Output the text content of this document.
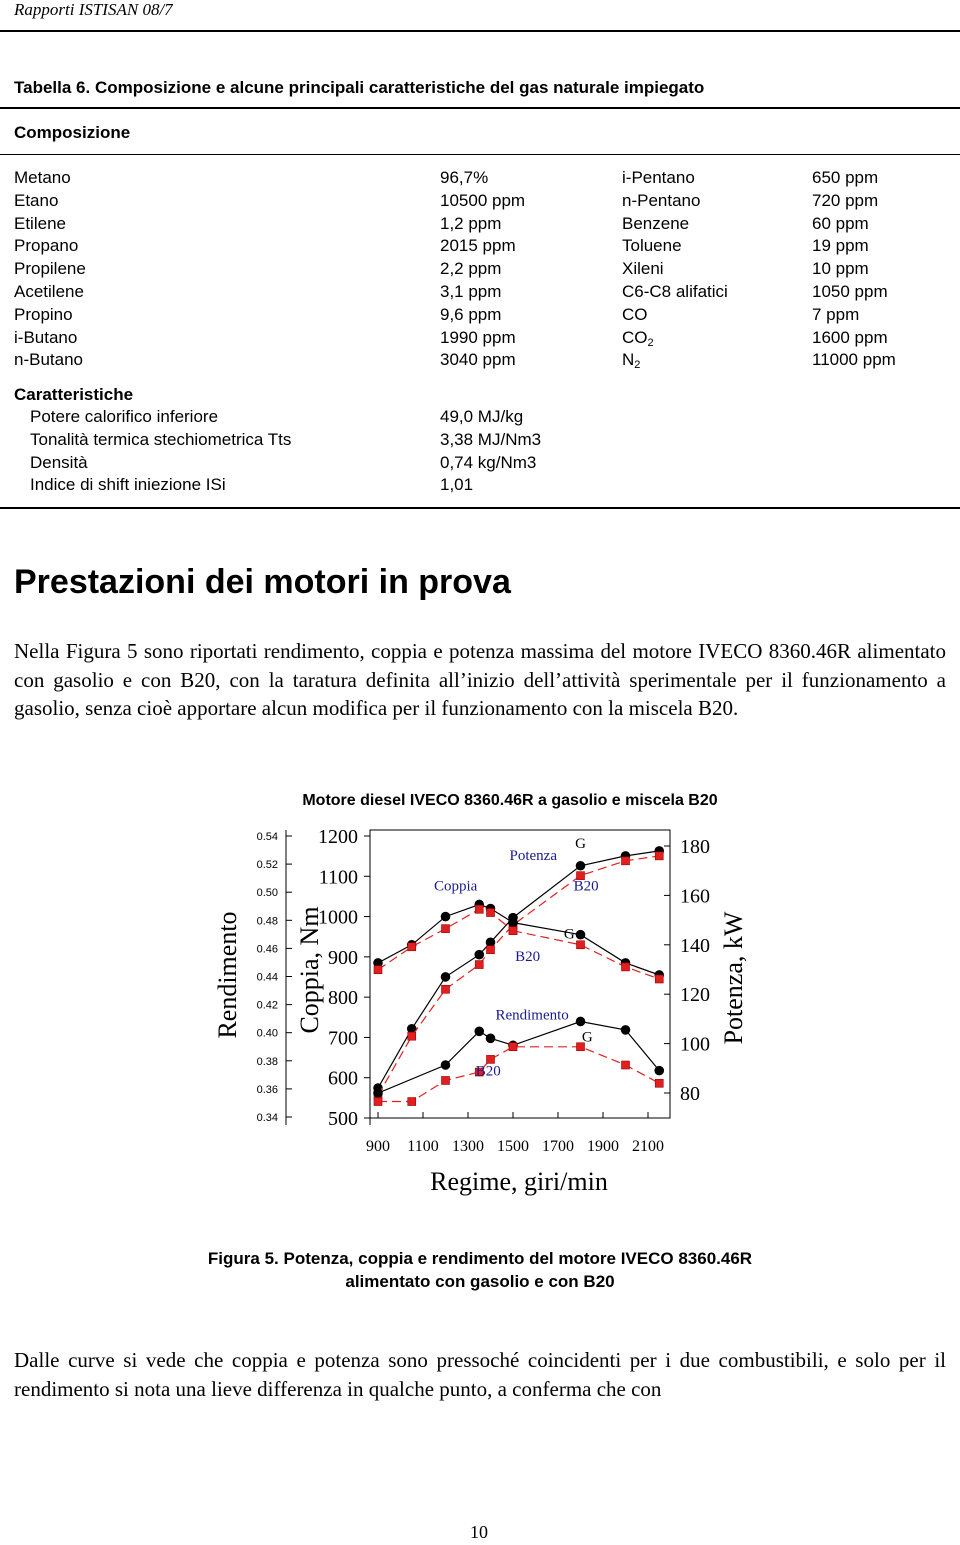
Rapporti ISTISAN 08/7
Tabella 6. Composizione e alcune principali caratteristiche del gas naturale impiegato
Composizione
Metano	96,7%	i-Pentano	650 ppm
Etano	10500 ppm	n-Pentano	720 ppm
Etilene	1,2 ppm	Benzene	60 ppm
Propano	2015 ppm	Toluene	19 ppm
Propilene	2,2 ppm	Xileni	10 ppm
Acetilene	3,1 ppm	C6-C8 alifatici	1050 ppm
Propino	9,6 ppm	CO	7 ppm
i-Butano	1990 ppm	$CO_2$	1600 ppm
n-Butano	3040 ppm	$N_2$	11000 ppm
Caratteristiche
Potere calorifico inferiore	49,0 MJ/kg
Tonalità termica stechiometrica Tts	3,38 MJ/Nm3
Densità	0,74 kg/Nm3
Indice di shift iniezione ISi	1,01
Prestazioni dei motori in prova
Nella Figura 5 sono riportati rendimento, coppia e potenza massima del motore IVECO 8360.46R alimentato con gasolio e con B20, con la taratura definita all’inizio dell’attività sperimentale per il funzionamento a gasolio, senza cioè apportare alcun modifica per il funzionamento con la miscela B20.
Motore diesel IVECO 8360.46R a gasolio e miscela B20
0.54
0.52
0.50
0.48
0.46
0.44
0.42
0.40
0.38
0.36
0.34
Rendimento
1200
1100
1000
900
800
700
600
500
Coppia, Nm
180
160
140
120
100
80
Potenza, kW
900 1100 1300 1500 1700 1900 2100
Regime, giri/min
Coppia
Potenza
G
B20
G
B20
Rendimento
G
B20
Figura 5. Potenza, coppia e rendimento del motore IVECO 8360.46R
alimentato con gasolio e con B20
Dalle curve si vede che coppia e potenza sono pressoché coincidenti per i due combustibili, e solo per il rendimento si nota una lieve differenza in qualche punto, a conferma che con
10
